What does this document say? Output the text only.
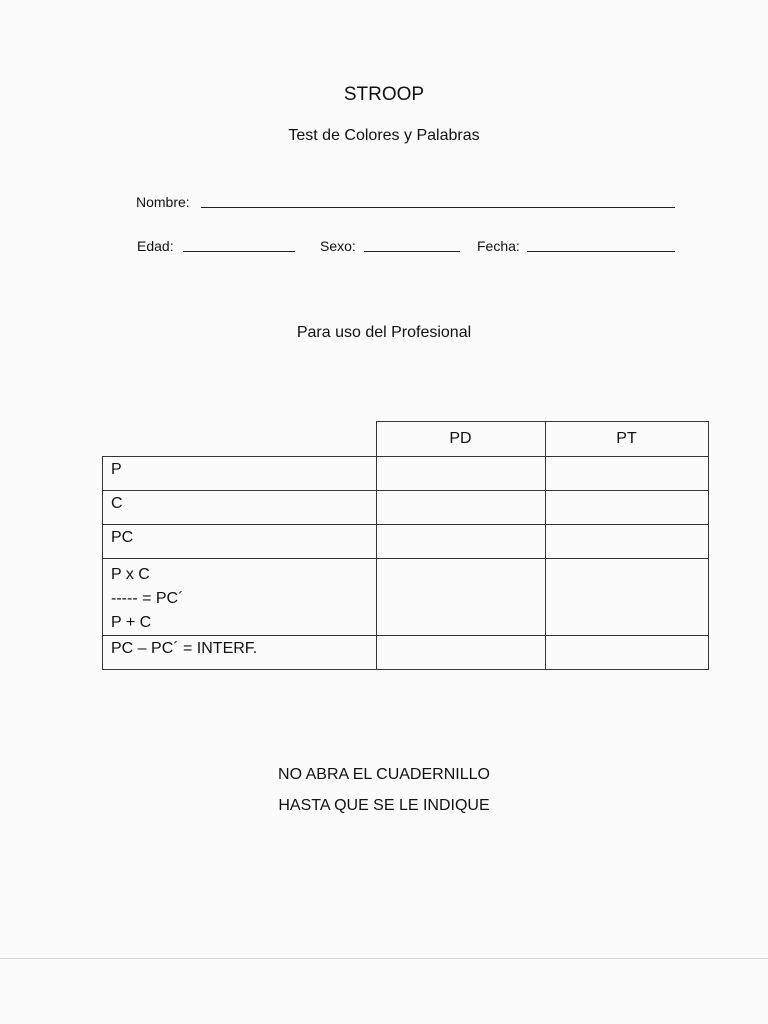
STROOP
Test de Colores y Palabras
Nombre:
Edad:	Sexo:	Fecha:
Para uso del Profesional
	PD	PT
P		
C		
PC		

P x C
----- = PC´
P + C		

PC – PC´ = INTERF.		
NO ABRA EL CUADERNILLO
HASTA QUE SE LE INDIQUE
